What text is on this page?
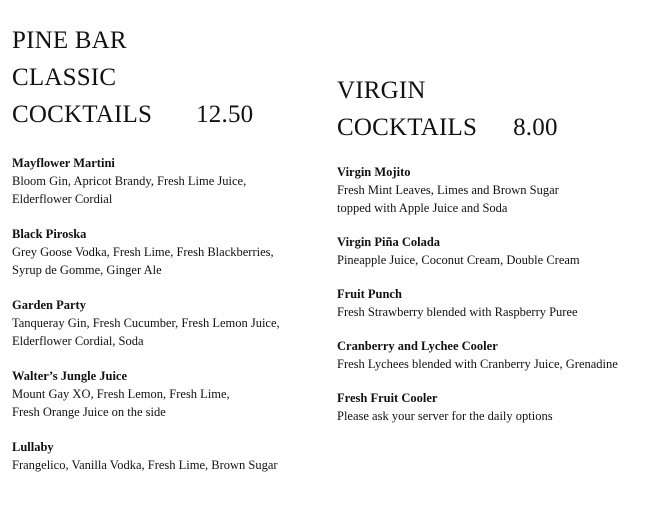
PINE BAR
CLASSIC
COCKTAILS 12.50
Mayflower Martini
Bloom Gin, Apricot Brandy, Fresh Lime Juice,
Elderflower Cordial
Black Piroska
Grey Goose Vodka, Fresh Lime, Fresh Blackberries,
Syrup de Gomme, Ginger Ale
Garden Party
Tanqueray Gin, Fresh Cucumber, Fresh Lemon Juice,
Elderflower Cordial, Soda
Walter’s Jungle Juice
Mount Gay XO, Fresh Lemon, Fresh Lime,
Fresh Orange Juice on the side
Lullaby
Frangelico, Vanilla Vodka, Fresh Lime, Brown Sugar
VIRGIN
COCKTAILS 8.00
Virgin Mojito
Fresh Mint Leaves, Limes and Brown Sugar
topped with Apple Juice and Soda
Virgin Piña Colada
Pineapple Juice, Coconut Cream, Double Cream
Fruit Punch
Fresh Strawberry blended with Raspberry Puree
Cranberry and Lychee Cooler
Fresh Lychees blended with Cranberry Juice, Grenadine
Fresh Fruit Cooler
Please ask your server for the daily options
